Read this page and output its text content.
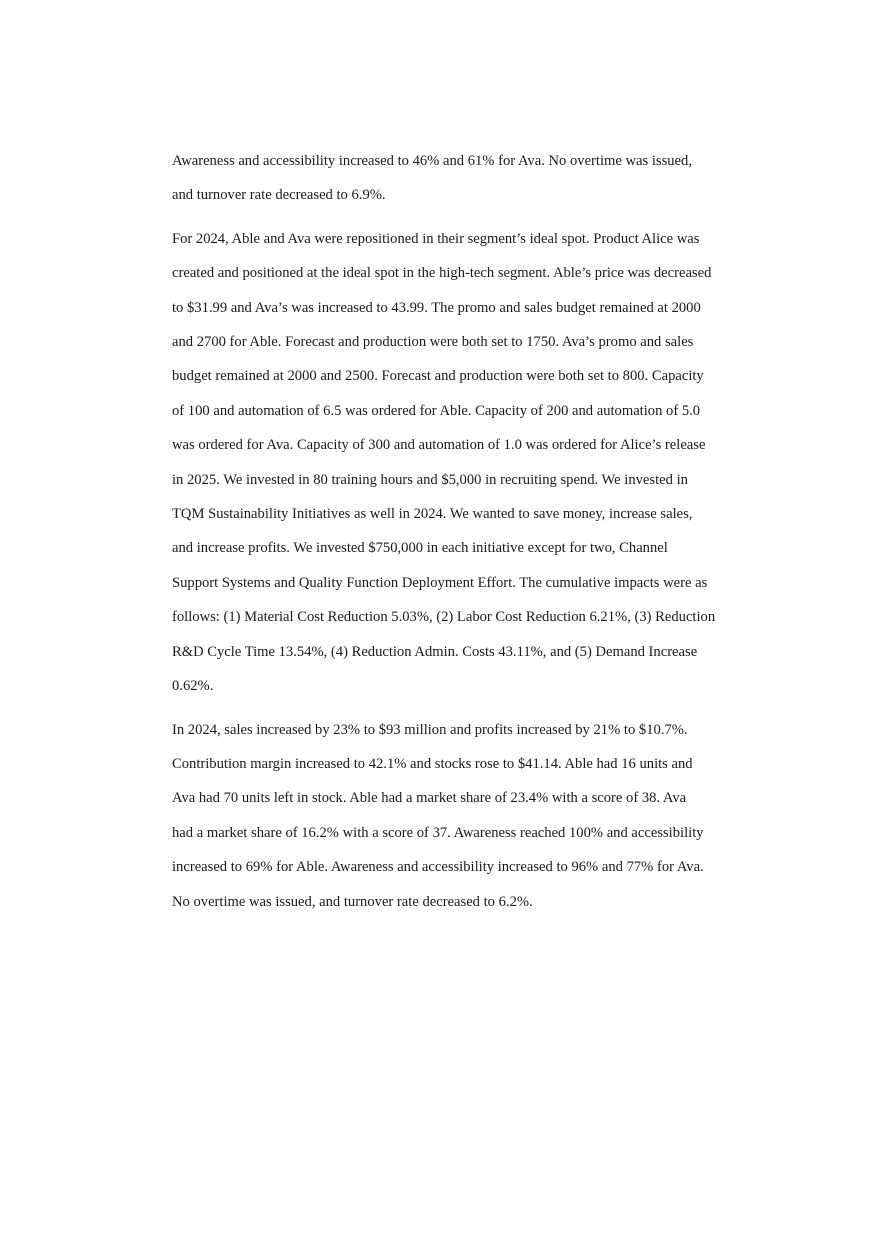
Awareness and accessibility increased to 46% and 61% for Ava. No overtime was issued,
and turnover rate decreased to 6.9%.

For 2024, Able and Ava were repositioned in their segment’s ideal spot. Product Alice was
created and positioned at the ideal spot in the high-tech segment. Able’s price was decreased
to $31.99 and Ava’s was increased to 43.99. The promo and sales budget remained at 2000
and 2700 for Able. Forecast and production were both set to 1750. Ava’s promo and sales
budget remained at 2000 and 2500. Forecast and production were both set to 800. Capacity
of 100 and automation of 6.5 was ordered for Able. Capacity of 200 and automation of 5.0
was ordered for Ava. Capacity of 300 and automation of 1.0 was ordered for Alice’s release
in 2025. We invested in 80 training hours and $5,000 in recruiting spend. We invested in
TQM Sustainability Initiatives as well in 2024. We wanted to save money, increase sales,
and increase profits. We invested $750,000 in each initiative except for two, Channel
Support Systems and Quality Function Deployment Effort. The cumulative impacts were as
follows: (1) Material Cost Reduction 5.03%, (2) Labor Cost Reduction 6.21%, (3) Reduction
R&D Cycle Time 13.54%, (4) Reduction Admin. Costs 43.11%, and (5) Demand Increase
0.62%.

In 2024, sales increased by 23% to $93 million and profits increased by 21% to $10.7%.
Contribution margin increased to 42.1% and stocks rose to $41.14. Able had 16 units and
Ava had 70 units left in stock. Able had a market share of 23.4% with a score of 38. Ava
had a market share of 16.2% with a score of 37. Awareness reached 100% and accessibility
increased to 69% for Able. Awareness and accessibility increased to 96% and 77% for Ava.
No overtime was issued, and turnover rate decreased to 6.2%.
